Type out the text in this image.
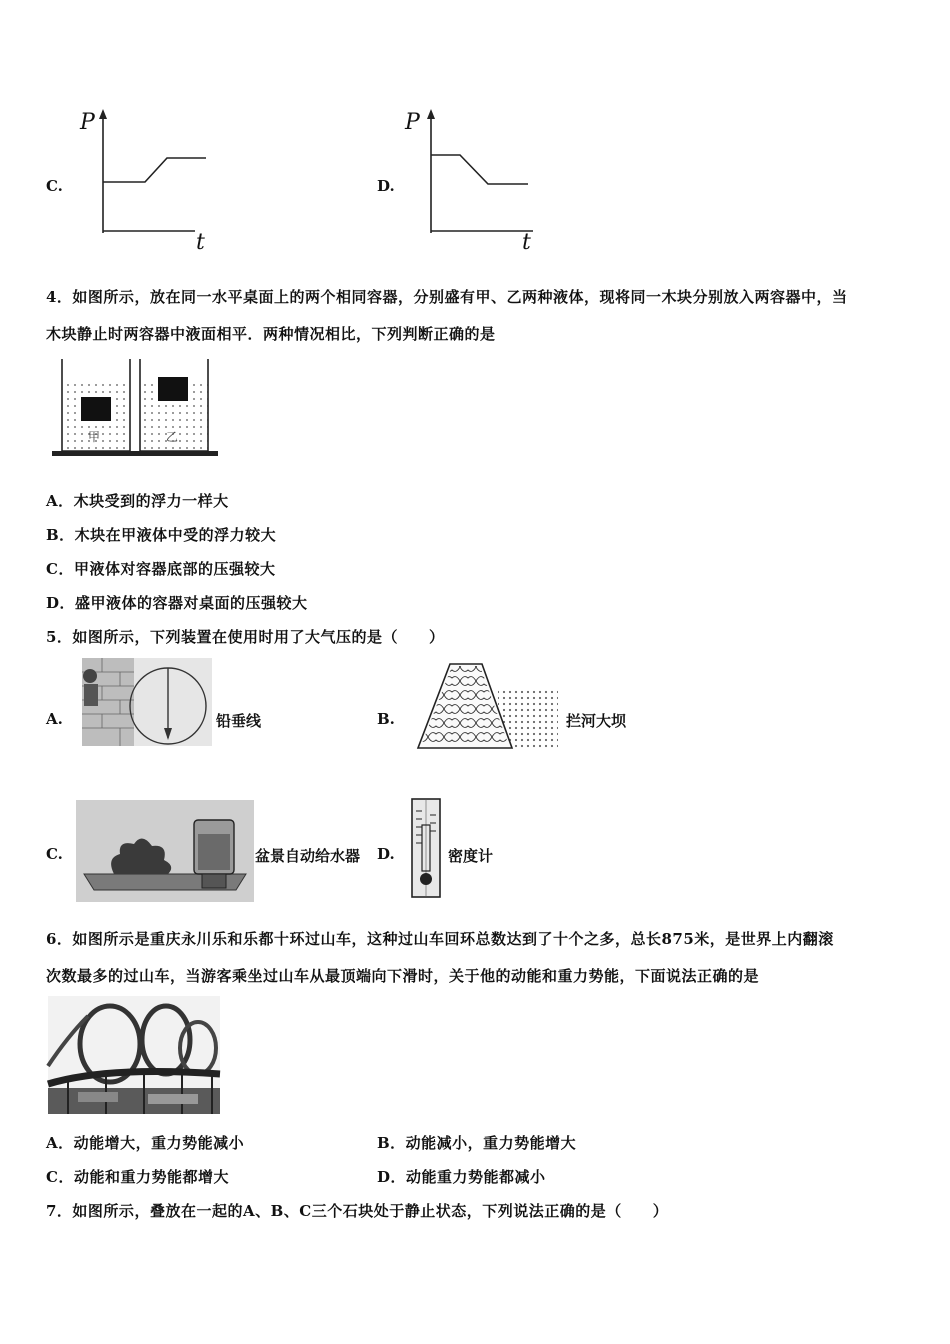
C.
P
t
D.
P
t
4．如图所示，放在同一水平桌面上的两个相同容器，分别盛有甲、乙两种液体，现将同一木块分别放入两容器中，当
木块静止时两容器中液面相平．两种情况相比，下列判断正确的是
甲	乙
A．木块受到的浮力一样大
B．木块在甲液体中受的浮力较大
C．甲液体对容器底部的压强较大
D．盛甲液体的容器对桌面的压强较大
5．如图所示，下列装置在使用时用了大气压的是（　　）
A.	铅垂线	B.	拦河大坝
C.	盆景自动给水器 D.	密度计
6．如图所示是重庆永川乐和乐都十环过山车，这种过山车回环总数达到了十个之多，总长875米，是世界上内翻滚
次数最多的过山车，当游客乘坐过山车从最顶端向下滑时，关于他的动能和重力势能，下面说法正确的是
A．动能增大，重力势能减小	B．动能减小，重力势能增大
C．动能和重力势能都增大	D．动能重力势能都减小
7．如图所示，叠放在一起的A、B、C三个石块处于静止状态，下列说法正确的是（　　）
